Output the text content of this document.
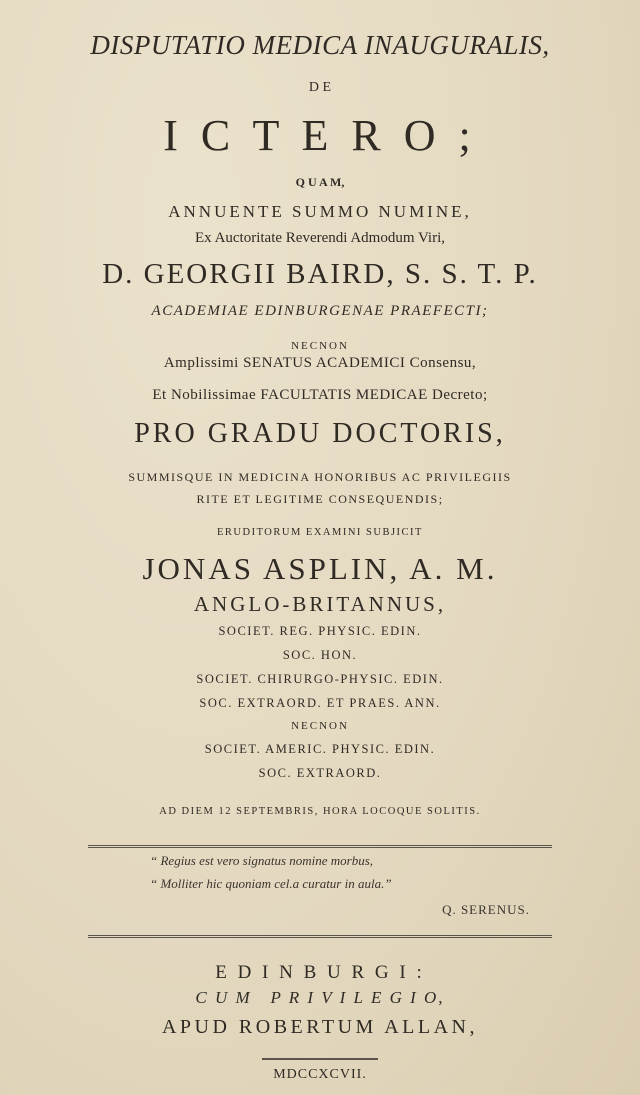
DISPUTATIO MEDICA INAUGURALIS,
D E
I C T E R O ;
Q U A M,
ANNUENTE SUMMO NUMINE,
Ex Auctoritate Reverendi Admodum Viri,
D. GEORGII BAIRD, S. S. T. P.
ACADEMIAE EDINBURGENAE PRAEFECTI;
NECNON
Amplissimi SENATUS ACADEMICI Consensu,
Et Nobilissimae FACULTATIS MEDICAE Decreto;
PRO GRADU DOCTORIS,
SUMMISQUE IN MEDICINA HONORIBUS AC PRIVILEGIIS
RITE ET LEGITIME CONSEQUENDIS;
ERUDITORUM EXAMINI SUBJICIT
JONAS ASPLIN, A. M.
ANGLO-BRITANNUS,
SOCIET. REG. PHYSIC. EDIN.
SOC. HON.
SOCIET. CHIRURGO-PHYSIC. EDIN.
SOC. EXTRAORD. ET PRAES. ANN.
NECNON
SOCIET. AMERIC. PHYSIC. EDIN.
SOC. EXTRAORD.
AD DIEM 12 SEPTEMBRIS, HORA LOCOQUE SOLITIS.
“ Regius est vero signatus nomine morbus,
“ Molliter hic quoniam cel.a curatur in aula.”
Q. SERENUS.
E D I N B U R G I :
C U M   P R I V I L E G I O,
APUD ROBERTUM ALLAN,
MDCCXCVII.
